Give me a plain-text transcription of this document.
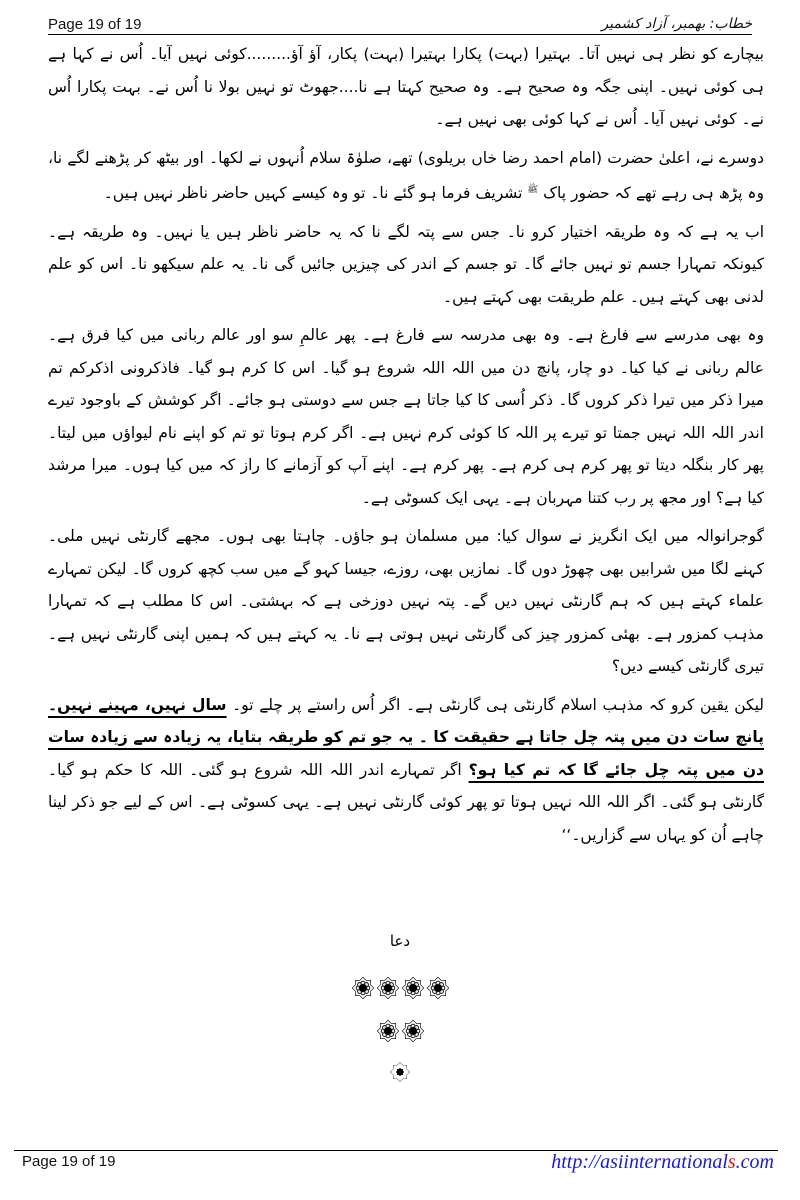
Page 19 of 19	خطاب: بھمبر، آزاد کشمیر

بیچارے کو نظر ہی نہیں آتا۔ بہتیرا (بہت) پکارا بہتیرا (بہت) پکار، آؤ آؤ.........کوئی نہیں آیا۔ اُس نے کہا ہے ہی کوئی نہیں۔ اپنی جگہ وہ صحیح ہے۔ وہ صحیح کہتا ہے نا....جھوٹ تو نہیں بولا نا اُس نے۔ بہت پکارا اُس نے۔ کوئی نہیں آیا۔ اُس نے کہا کوئی بھی نہیں ہے۔

دوسرے نے، اعلیٰ حضرت (امام احمد رضا خاں بریلوی) تھے، صلوٰۃ سلام اُنہوں نے لکھا۔ اور بیٹھ کر پڑھنے لگے نا، وہ پڑھ ہی رہے تھے کہ حضور پاک $^ﷺ$ تشریف فرما ہو گئے نا۔ تو وہ کیسے کہیں حاضر ناظر نہیں ہیں۔

اب یہ ہے کہ وہ طریقہ اختیار کرو نا۔ جس سے پتہ لگے نا کہ یہ حاضر ناظر ہیں یا نہیں۔ وہ طریقہ ہے۔ کیونکہ تمہارا جسم تو نہیں جائے گا۔ تو جسم کے اندر کی چیزیں جائیں گی نا۔ یہ علم سیکھو نا۔ اس کو علم لدنی بھی کہتے ہیں۔ علم طریقت بھی کہتے ہیں۔

وہ بھی مدرسے سے فارغ ہے۔ وہ بھی مدرسہ سے فارغ ہے۔ پھر عالمِ سو اور عالم ربانی میں کیا فرق ہے۔ عالم ربانی نے کیا کیا۔ دو چار، پانچ دن میں اللہ اللہ شروع ہو گیا۔ اس کا کرم ہو گیا۔ فاذکرونی اذکرکم تم میرا ذکر میں تیرا ذکر کروں گا۔ ذکر اُسی کا کیا جاتا ہے جس سے دوستی ہو جائے۔ اگر کوشش کے باوجود تیرے اندر اللہ اللہ نہیں جمتا تو تیرے پر اللہ کا کوئی کرم نہیں ہے۔ اگر کرم ہوتا تو تم کو اپنے نام لیواؤں میں لیتا۔ پھر کار بنگلہ دیتا تو پھر کرم ہی کرم ہے۔ پھر کرم ہے۔ اپنے آپ کو آزمانے کا راز کہ میں کیا ہوں۔ میرا مرشد کیا ہے؟ اور مجھ پر رب کتنا مہربان ہے۔ یہی ایک کسوٹی ہے۔

گوجرانوالہ میں ایک انگریز نے سوال کیا: میں مسلمان ہو جاؤں۔ چاہتا بھی ہوں۔ مجھے گارنٹی نہیں ملی۔ کہنے لگا میں شرابیں بھی چھوڑ دوں گا۔ نمازیں بھی، روزے، جیسا کہو گے میں سب کچھ کروں گا۔ لیکن تمہارے علماء کہتے ہیں کہ ہم گارنٹی نہیں دیں گے۔ پتہ نہیں دوزخی ہے کہ بہشتی۔ اس کا مطلب ہے کہ تمہارا مذہب کمزور ہے۔ بھئی کمزور چیز کی گارنٹی نہیں ہوتی ہے نا۔ یہ کہتے ہیں کہ ہمیں اپنی گارنٹی نہیں ہے۔ تیری گارنٹی کیسے دیں؟

لیکن یقین کرو کہ مذہب اسلام گارنٹی ہی گارنٹی ہے۔ اگر اُس راستے پر چلے تو۔ سال نہیں، مہینے نہیں۔ پانچ سات دن میں پتہ چل جاتا ہے حقیقت کا ۔ یہ جو تم کو طریقہ بتایا، یہ زیادہ سے زیادہ سات دن میں پتہ چل جائے گا کہ تم کیا ہو؟ اگر تمہارے اندر اللہ اللہ شروع ہو گئی۔ اللہ کا حکم ہو گیا۔ گارنٹی ہو گئی۔ اگر اللہ اللہ نہیں ہوتا تو پھر کوئی گارنٹی نہیں ہے۔ یہی کسوٹی ہے۔ اس کے لیے جو ذکر لینا چاہے اُن کو یہاں سے گزاریں۔‘‘

دعا
Page 19 of 19	http://asiinternationals.com
